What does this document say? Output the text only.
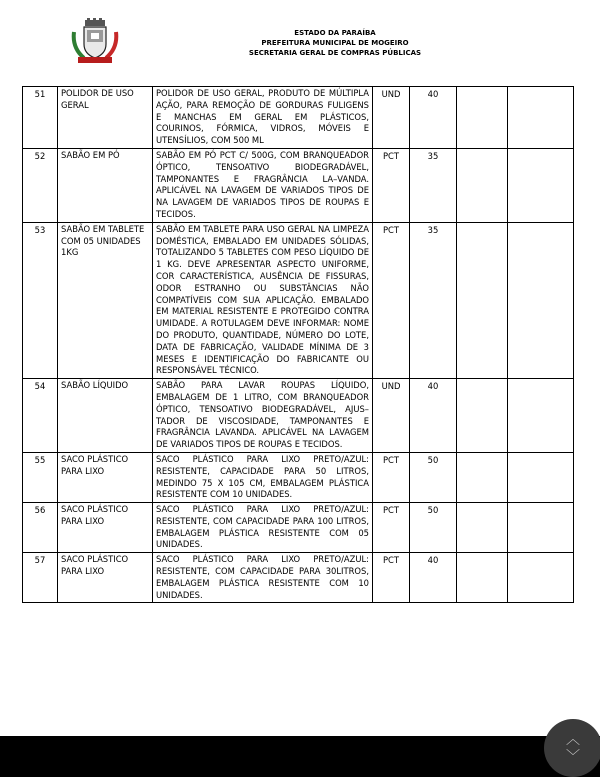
ESTADO DA PARAÍBA
PREFEITURA MUNICIPAL DE MOGEIRO
SECRETARIA GERAL DE COMPRAS PÚBLICAS
51	POLIDOR DE USO GERAL	POLIDOR DE USO GERAL, PRODUTO DE MÚLTIPLA AÇÃO, PARA REMOÇÃO DE GORDURAS FULIGENS E MANCHAS EM GERAL EM PLÁSTICOS, COURINOS, FÓRMICA, VIDROS, MÓVEIS E UTENSÍLIOS, COM 500 ML	UND	40		
52	SABÃO EM PÓ	SABÃO EM PÓ PCT C/ 500G, COM BRANQUEADOR ÓPTICO, TENSOATIVO BIODEGRADÁVEL, TAMPONANTES E FRAGRÂNCIA LA–VANDA. APLICÁVEL NA LAVAGEM DE VARIADOS TIPOS DE NA LAVAGEM DE VARIADOS TIPOS DE ROUPAS E TECIDOS.	PCT	35		
53	SABÃO EM TABLETE COM 05 UNIDADES 1KG	SABÃO EM TABLETE PARA USO GERAL NA LIMPEZA DOMÉSTICA, EMBALADO EM UNIDADES SÓLIDAS, TOTALIZANDO 5 TABLETES COM PESO LÍQUIDO DE 1 KG. DEVE APRESENTAR ASPECTO UNIFORME, COR CARACTERÍSTICA, AUSÊNCIA DE FISSURAS, ODOR ESTRANHO OU SUBSTÂNCIAS NÃO COMPATÍVEIS COM SUA APLICAÇÃO. EMBALADO EM MATERIAL RESISTENTE E PROTEGIDO CONTRA UMIDADE. A ROTULAGEM DEVE INFORMAR: NOME DO PRODUTO, QUANTIDADE, NÚMERO DO LOTE, DATA DE FABRICAÇÃO, VALIDADE MÍNIMA DE 3 MESES E IDENTIFICAÇÃO DO FABRICANTE OU RESPONSÁVEL TÉCNICO.	PCT	35		
54	SABÃO LÍQUIDO	SABÃO PARA LAVAR ROUPAS LÍQUIDO, EMBALAGEM DE 1 LITRO, COM BRANQUEADOR ÓPTICO, TENSOATIVO BIODEGRADÁVEL, AJUS–TADOR DE VISCOSIDADE, TAMPONANTES E FRAGRÂNCIA LAVANDA. APLICÁVEL NA LAVAGEM DE VARIADOS TIPOS DE ROUPAS E TECIDOS.	UND	40		
55	SACO PLÁSTICO PARA LIXO	SACO PLÁSTICO PARA LIXO PRETO/AZUL: RESISTENTE, CAPACIDADE PARA 50 LITROS, MEDINDO 75 X 105 CM, EMBALAGEM PLÁSTICA RESISTENTE COM 10 UNIDADES.	PCT	50		
56	SACO PLÁSTICO PARA LIXO	SACO PLÁSTICO PARA LIXO PRETO/AZUL: RESISTENTE, COM CAPACIDADE PARA 100 LITROS, EMBALAGEM PLÁSTICA RESISTENTE COM 05 UNIDADES.	PCT	50		
57	SACO PLÁSTICO PARA LIXO	SACO PLÁSTICO PARA LIXO PRETO/AZUL: RESISTENTE, COM CAPACIDADE PARA 30LITROS, EMBALAGEM PLÁSTICA RESISTENTE COM 10 UNIDADES.	PCT	40		
︿
﹀
